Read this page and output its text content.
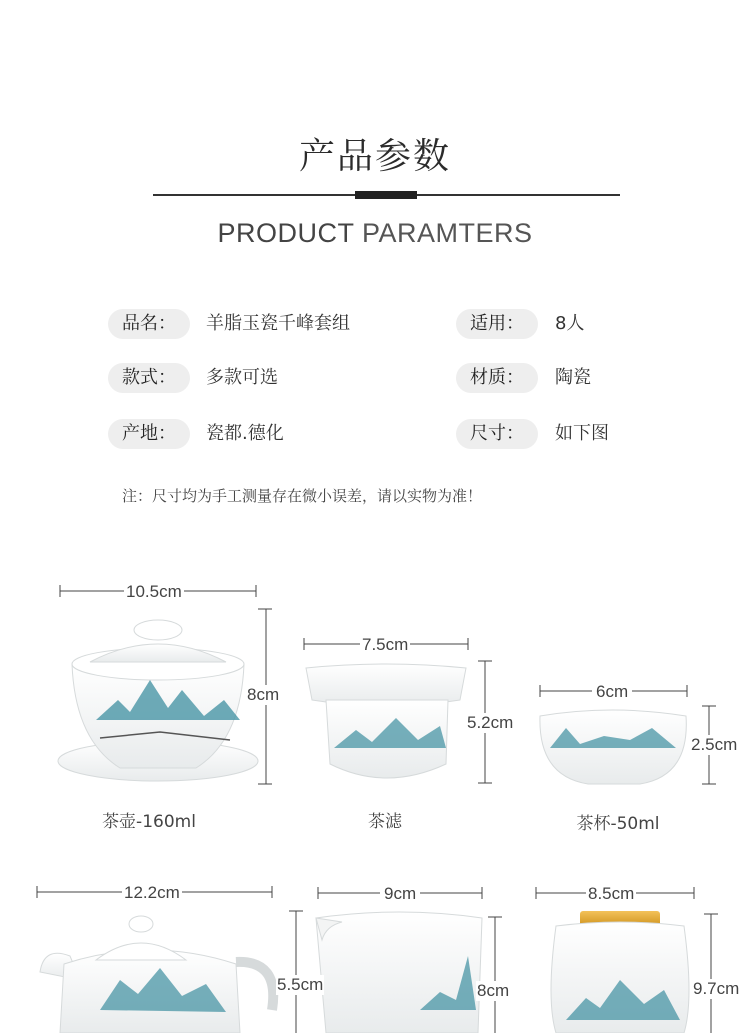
产品参数
PRODUCT PARAMTERS
品名：	羊脂玉瓷千峰套组	适用：	8人
款式：	多款可选	材质：	陶瓷
产地：	瓷都.德化	尺寸：	如下图
注：尺寸均为手工测量存在微小误差，请以实物为准！
10.5cm
8cm
茶壶-160ml
7.5cm
5.2cm
茶滤
6cm
2.5cm
茶杯-50ml
12.2cm
5.5cm
9cm
8cm
8.5cm
9.7cm
